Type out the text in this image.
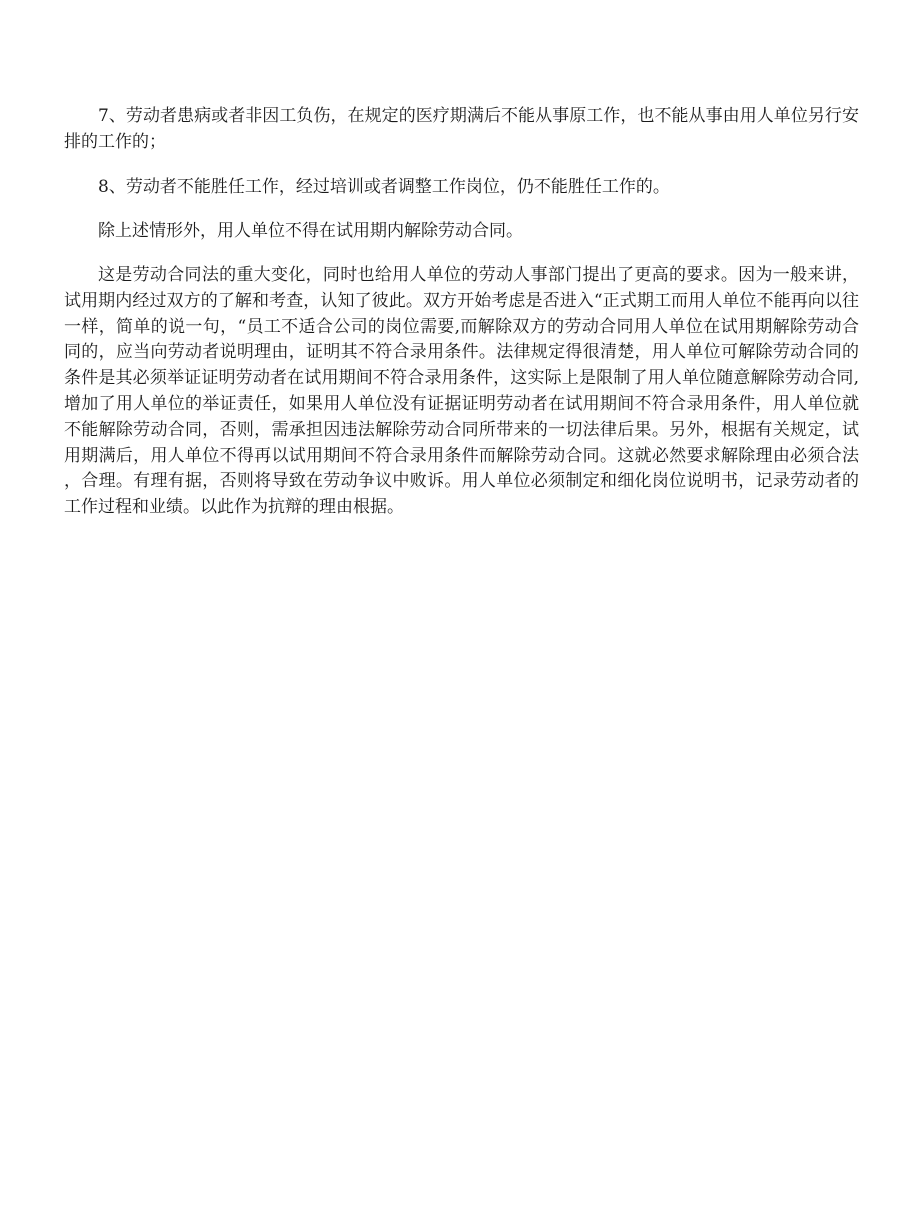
7、劳动者患病或者非因工负伤，在规定的医疗期满后不能从事原工作，也不能从事由用人单位另行安排的工作的；

8、劳动者不能胜任工作，经过培训或者调整工作岗位，仍不能胜任工作的。

除上述情形外，用人单位不得在试用期内解除劳动合同。

这是劳动合同法的重大变化，同时也给用人单位的劳动人事部门提出了更高的要求。因为一般来讲，试用期内经过双方的了解和考查，认知了彼此。双方开始考虑是否进入“正式期工而用人单位不能再向以往一样，简单的说一句，“员工不适合公司的岗位需要,而解除双方的劳动合同用人单位在试用期解除劳动合同的，应当向劳动者说明理由，证明其不符合录用条件。法律规定得很清楚，用人单位可解除劳动合同的条件是其必须举证证明劳动者在试用期间不符合录用条件，这实际上是限制了用人单位随意解除劳动合同,增加了用人单位的举证责任，如果用人单位没有证据证明劳动者在试用期间不符合录用条件，用人单位就不能解除劳动合同，否则，需承担因违法解除劳动合同所带来的一切法律后果。另外，根据有关规定，试用期满后，用人单位不得再以试用期间不符合录用条件而解除劳动合同。这就必然要求解除理由必须合法，合理。有理有据，否则将导致在劳动争议中败诉。用人单位必须制定和细化岗位说明书，记录劳动者的工作过程和业绩。以此作为抗辩的理由根据。
